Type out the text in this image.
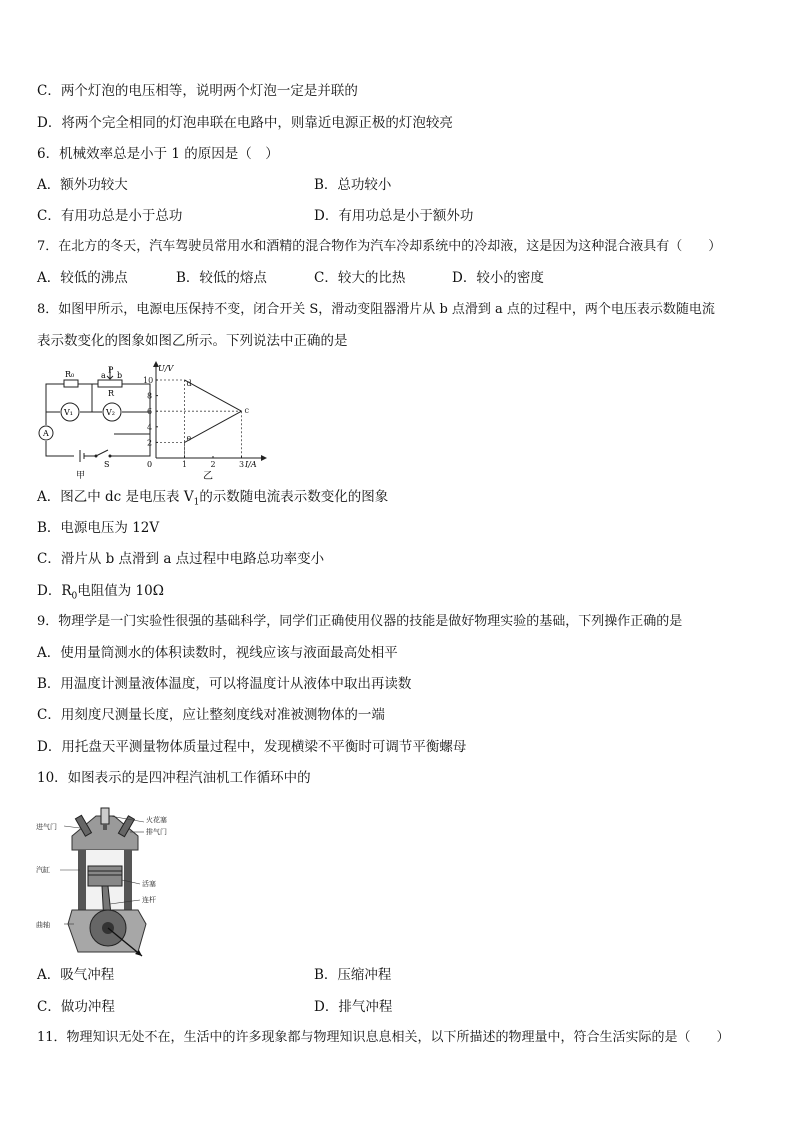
C．两个灯泡的电压相等，说明两个灯泡一定是并联的
D．将两个完全相同的灯泡串联在电路中，则靠近电源正极的灯泡较亮
6．机械效率总是小于 1 的原因是（　）
A．额外功较大	B．总功较小
C．有用功总是小于总功	D．有用功总是小于额外功
7．在北方的冬天，汽车驾驶员常用水和酒精的混合物作为汽车冷却系统中的冷却液，这是因为这种混合液具有（　　）
A．较低的沸点	B．较低的熔点	C．较大的比热	D．较小的密度
8．如图甲所示，电源电压保持不变，闭合开关 S，滑动变阻器滑片从 b 点滑到 a 点的过程中，两个电压表示数随电流
表示数变化的图象如图乙所示。下列说法中正确的是
R₀	P
a b
R
V₁	V₂
A
S
甲
1	2	3
2
4
6
8
10	d
c
e
U/V
I/A
0
乙
A．图乙中 dc 是电压表 $V_1$的示数随电流表示数变化的图象
B．电源电压为 12V
C．滑片从 b 点滑到 a 点过程中电路总功率变小
D．$R_0$电阻值为 10Ω
9．物理学是一门实验性很强的基础科学，同学们正确使用仪器的技能是做好物理实验的基础，下列操作正确的是
A．使用量筒测水的体积读数时，视线应该与液面最高处相平
B．用温度计测量液体温度，可以将温度计从液体中取出再读数
C．用刻度尺测量长度，应让整刻度线对准被测物体的一端
D．用托盘天平测量物体质量过程中，发现横梁不平衡时可调节平衡螺母
10．如图表示的是四冲程汽油机工作循环中的
进气门
火花塞
排气门
汽缸
活塞
连杆
曲轴
A．吸气冲程	B．压缩冲程
C．做功冲程	D．排气冲程
11．物理知识无处不在，生活中的许多现象都与物理知识息息相关，以下所描述的物理量中，符合生活实际的是（　　）
